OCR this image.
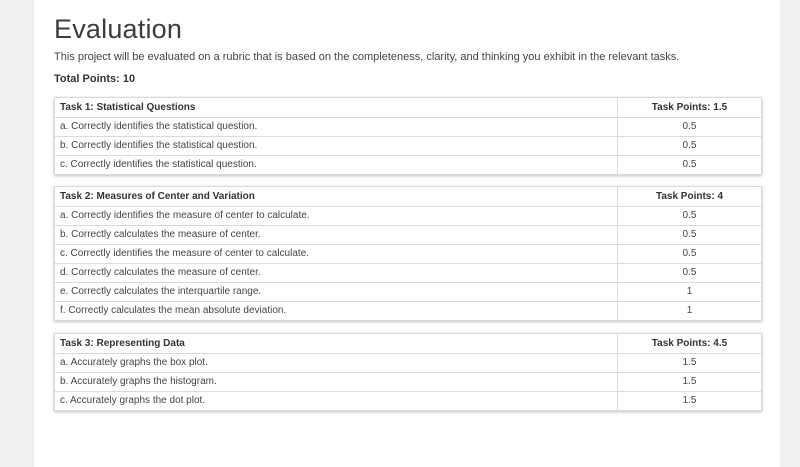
Evaluation

This project will be evaluated on a rubric that is based on the completeness, clarity, and thinking you exhibit in the relevant tasks.

Total Points: 10

Task 1: Statistical Questions	Task Points: 1.5
a. Correctly identifies the statistical question.	0.5
b. Correctly identifies the statistical question.	0.5
c. Correctly identifies the statistical question.	0.5
Task 2: Measures of Center and Variation	Task Points: 4
a. Correctly identifies the measure of center to calculate.	0.5
b. Correctly calculates the measure of center.	0.5
c. Correctly identifies the measure of center to calculate.	0.5
d. Correctly calculates the measure of center.	0.5
e. Correctly calculates the interquartile range.	1
f. Correctly calculates the mean absolute deviation.	1
Task 3: Representing Data	Task Points: 4.5
a. Accurately graphs the box plot.	1.5
b. Accurately graphs the histogram.	1.5
c. Accurately graphs the dot plot.	1.5
